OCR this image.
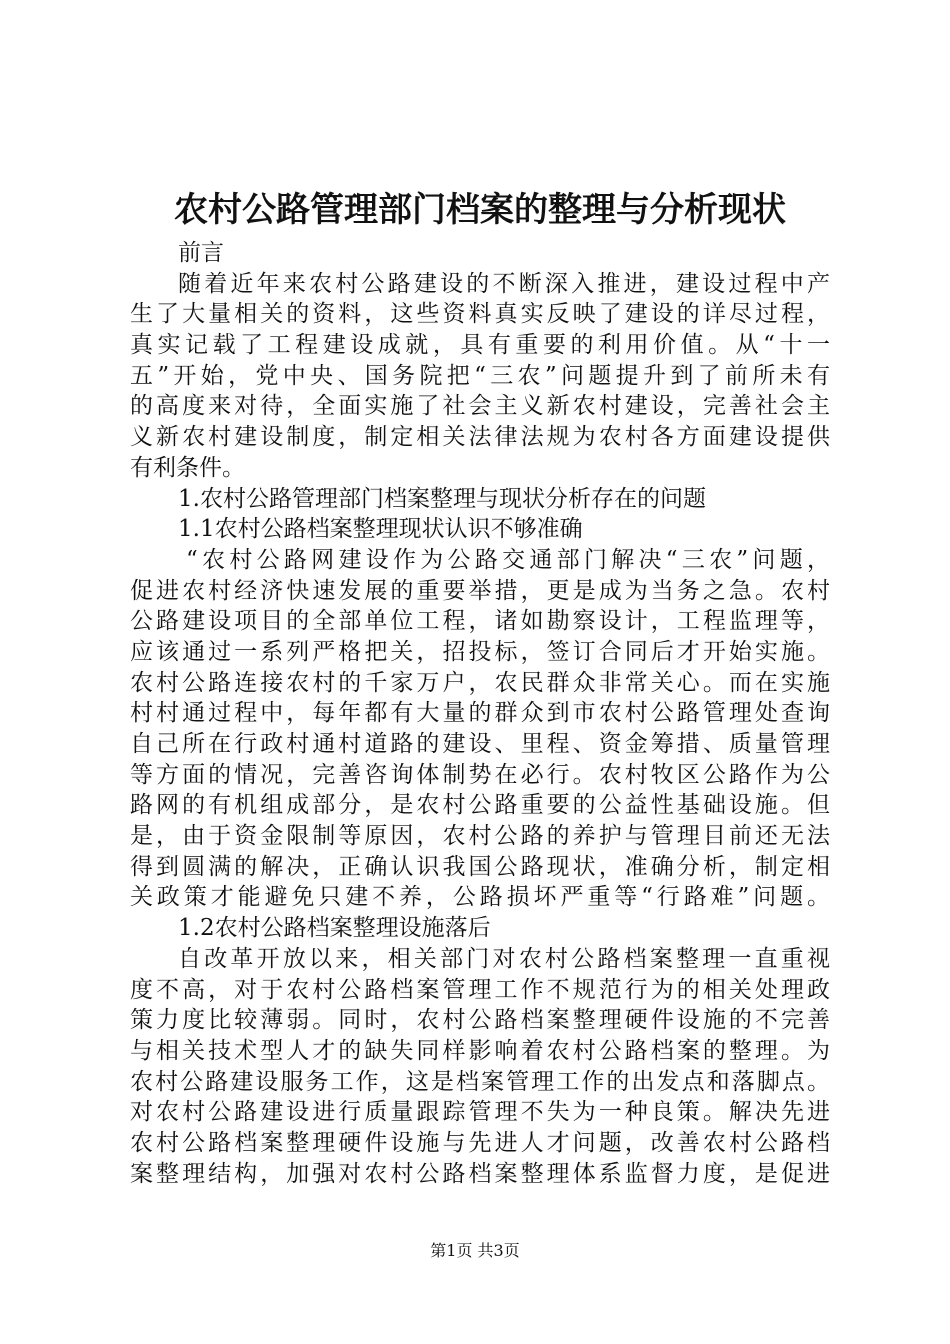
农村公路管理部门档案的整理与分析现状
前言
随着近年来农村公路建设的不断深入推进，建设过程中产
生了大量相关的资料，这些资料真实反映了建设的详尽过程，
真实记载了工程建设成就，具有重要的利用价值。从“十一
五”开始，党中央、国务院把“三农”问题提升到了前所未有
的高度来对待，全面实施了社会主义新农村建设，完善社会主
义新农村建设制度，制定相关法律法规为农村各方面建设提供
有利条件。
1.农村公路管理部门档案整理与现状分析存在的问题
1.1农村公路档案整理现状认识不够准确
“农村公路网建设作为公路交通部门解决“三农”问题，
促进农村经济快速发展的重要举措，更是成为当务之急。农村
公路建设项目的全部单位工程，诸如勘察设计，工程监理等，
应该通过一系列严格把关，招投标，签订合同后才开始实施。
农村公路连接农村的千家万户，农民群众非常关心。而在实施
村村通过程中，每年都有大量的群众到市农村公路管理处查询
自己所在行政村通村道路的建设、里程、资金筹措、质量管理
等方面的情况，完善咨询体制势在必行。农村牧区公路作为公
路网的有机组成部分，是农村公路重要的公益性基础设施。但
是，由于资金限制等原因，农村公路的养护与管理目前还无法
得到圆满的解决，正确认识我国公路现状，准确分析，制定相
关政策才能避免只建不养，公路损坏严重等“行路难”问题。
1.2农村公路档案整理设施落后
自改革开放以来，相关部门对农村公路档案整理一直重视
度不高，对于农村公路档案管理工作不规范行为的相关处理政
策力度比较薄弱。同时，农村公路档案整理硬件设施的不完善
与相关技术型人才的缺失同样影响着农村公路档案的整理。为
农村公路建设服务工作，这是档案管理工作的出发点和落脚点。
对农村公路建设进行质量跟踪管理不失为一种良策。解决先进
农村公路档案整理硬件设施与先进人才问题，改善农村公路档
案整理结构，加强对农村公路档案整理体系监督力度，是促进
第1页 共3页
